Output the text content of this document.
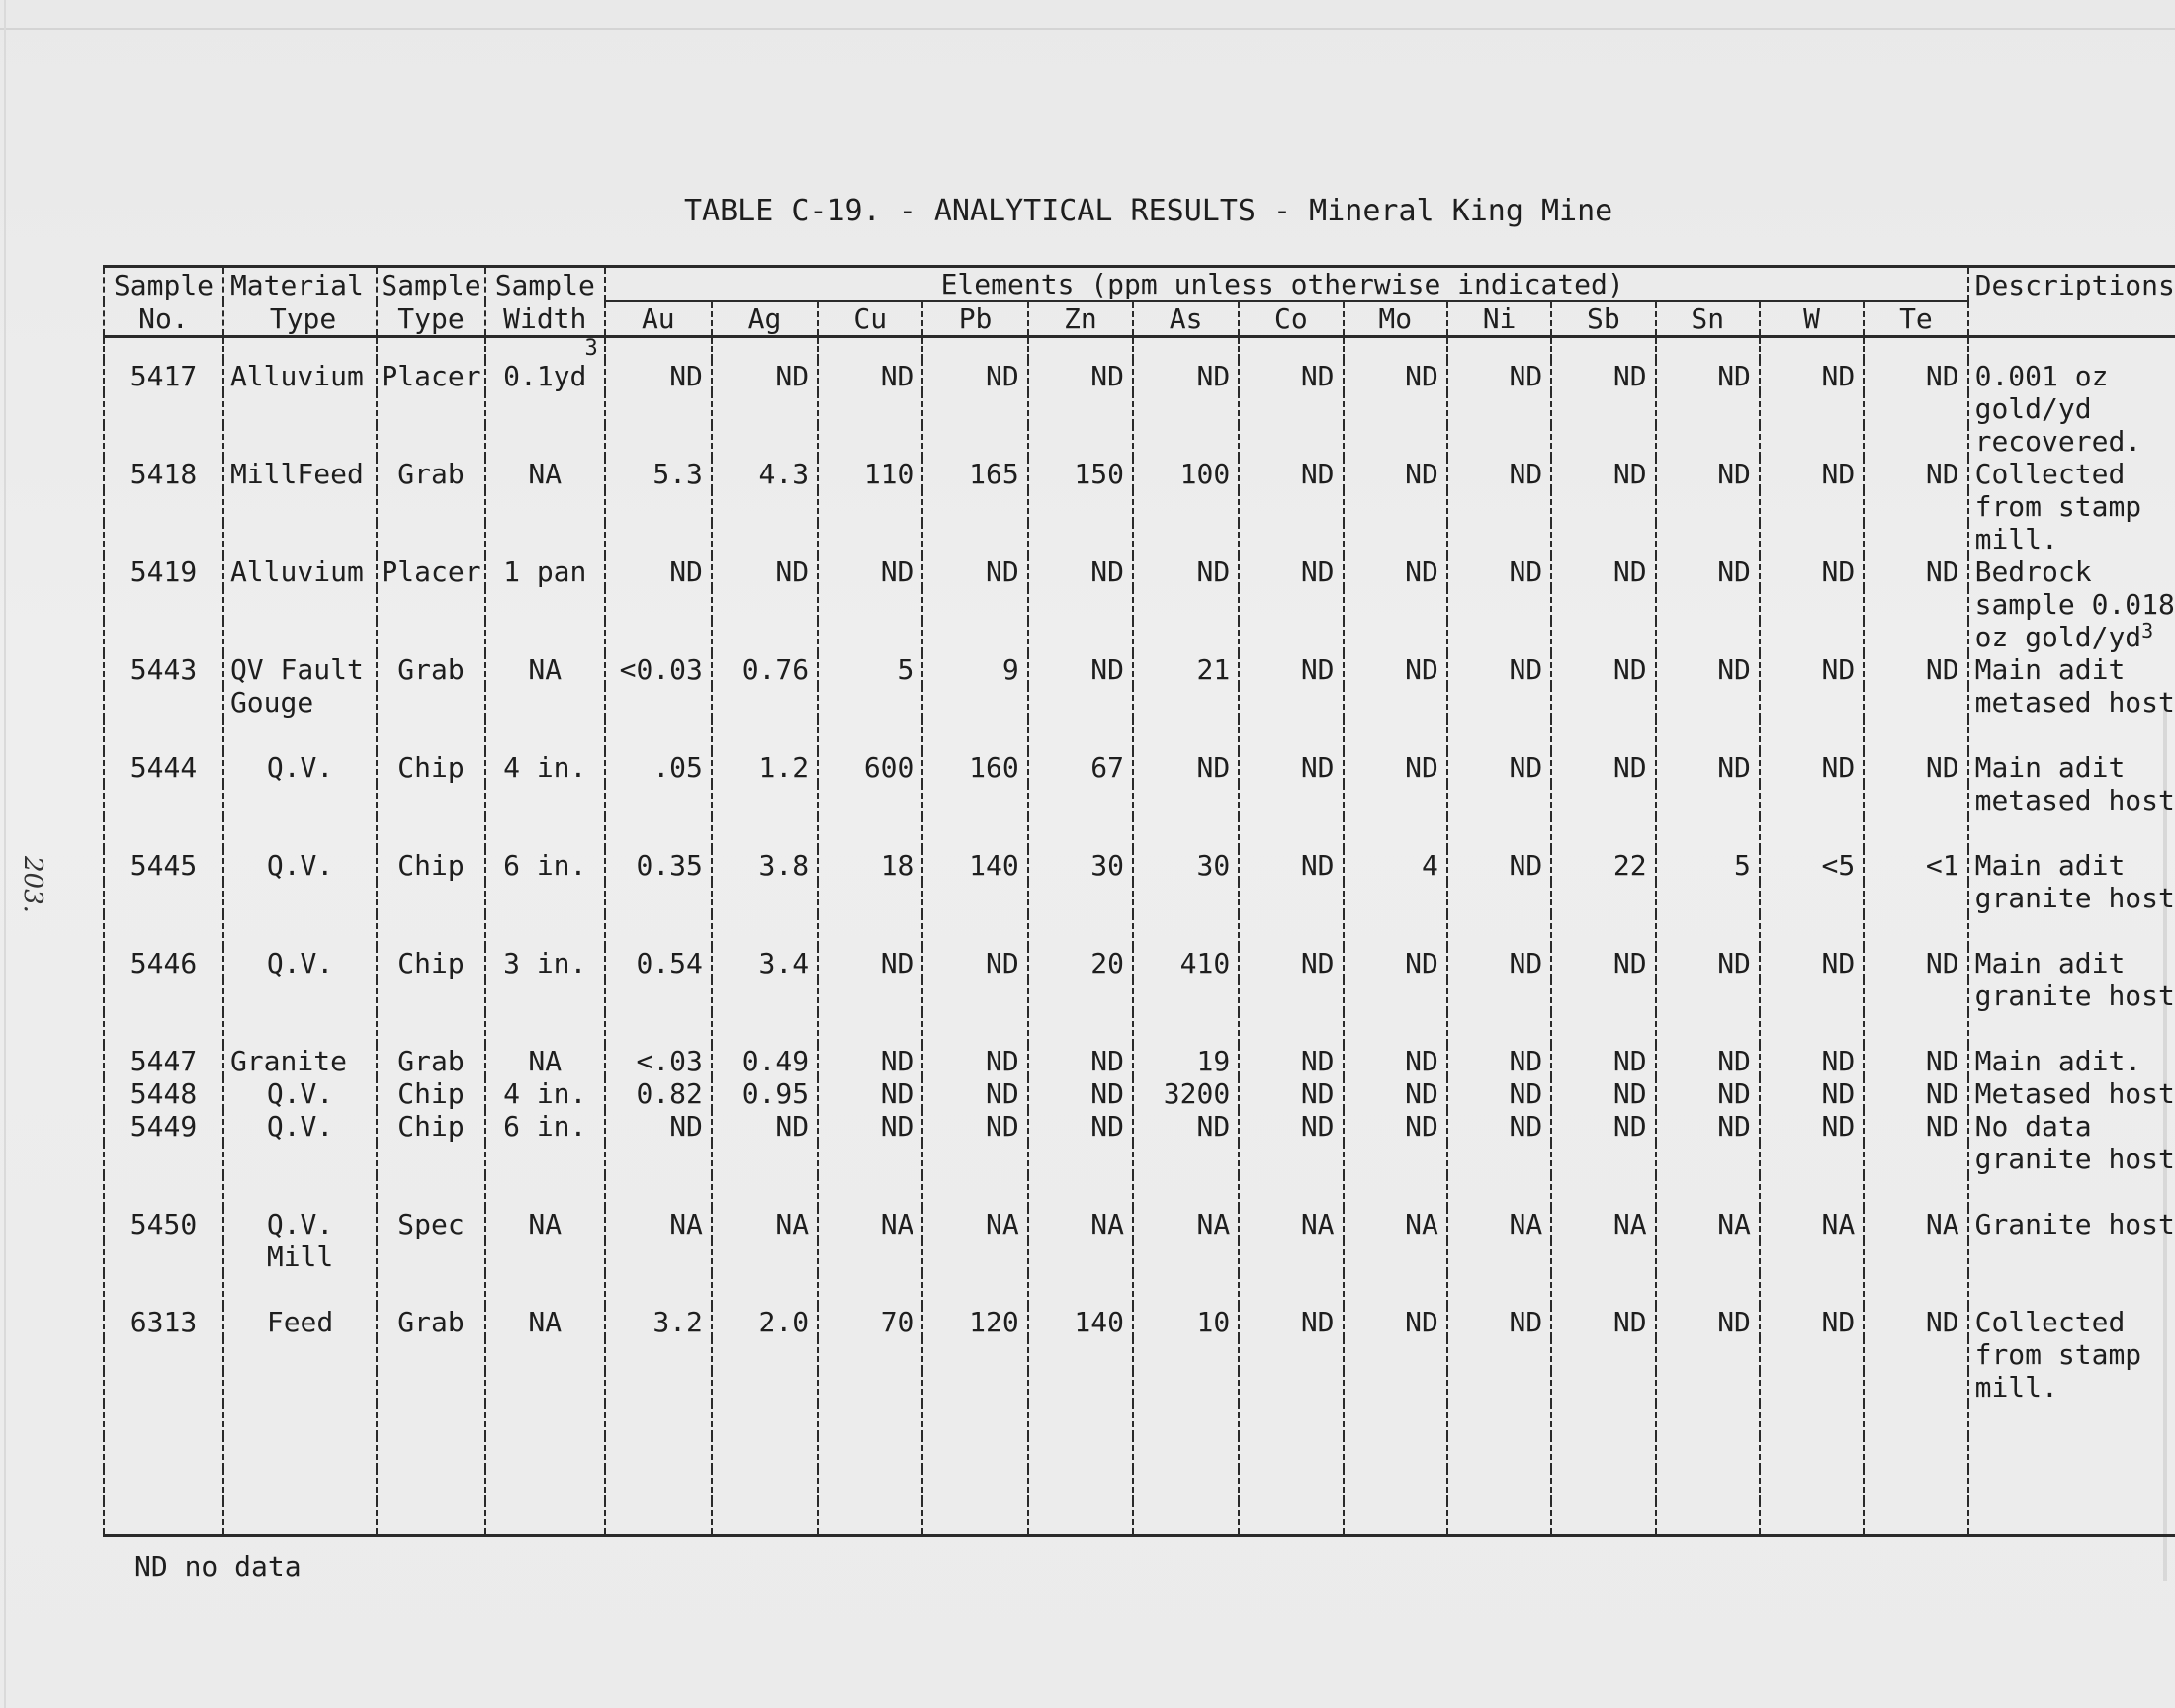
TABLE C-19. - ANALYTICAL RESULTS - Mineral King Mine
203.
Sample	Material	Sample	Sample	Elements (ppm unless otherwise indicated)													Descriptions
No.	Type	Type	Width	Au	Ag	Cu	Pb	Zn	As	Co	Mo	Ni	Sb	Sn	W	Te	
			3														
5417	Alluvium	Placer	0.1yd	ND	ND	ND	ND	ND	ND	ND	ND	ND	ND	ND	ND	ND	0.001 oz
																	gold/yd
																	recovered.
5418	MillFeed	Grab	NA	5.3	4.3	110	165	150	100	ND	ND	ND	ND	ND	ND	ND	Collected
																	from stamp
																	mill.
5419	Alluvium	Placer	1 pan	ND	ND	ND	ND	ND	ND	ND	ND	ND	ND	ND	ND	ND	Bedrock
																	sample 0.018
																	oz gold/$yd^3$
5443	QV Fault	Grab	NA	<0.03	0.76	5	9	ND	21	ND	ND	ND	ND	ND	ND	ND	Main adit
	Gouge																metased host

5444	Q.V.	Chip	4 in.	.05	1.2	600	160	67	ND	ND	ND	ND	ND	ND	ND	ND	Main adit
																	metased host

5445	Q.V.	Chip	6 in.	0.35	3.8	18	140	30	30	ND	4	ND	22	5	<5	<1	Main adit
																	granite host

5446	Q.V.	Chip	3 in.	0.54	3.4	ND	ND	20	410	ND	ND	ND	ND	ND	ND	ND	Main adit
																	granite host

5447	Granite	Grab	NA	<.03	0.49	ND	ND	ND	19	ND	ND	ND	ND	ND	ND	ND	Main adit.
5448	Q.V.	Chip	4 in.	0.82	0.95	ND	ND	ND	3200	ND	ND	ND	ND	ND	ND	ND	Metased host
5449	Q.V.	Chip	6 in.	ND	ND	ND	ND	ND	ND	ND	ND	ND	ND	ND	ND	ND	No data
																	granite host

5450	Q.V.	Spec	NA	NA	NA	NA	NA	NA	NA	NA	NA	NA	NA	NA	NA	NA	Granite host
	Mill																

6313	Feed	Grab	NA	3.2	2.0	70	120	140	10	ND	ND	ND	ND	ND	ND	ND	Collected
																	from stamp
																	mill.

ND no data
